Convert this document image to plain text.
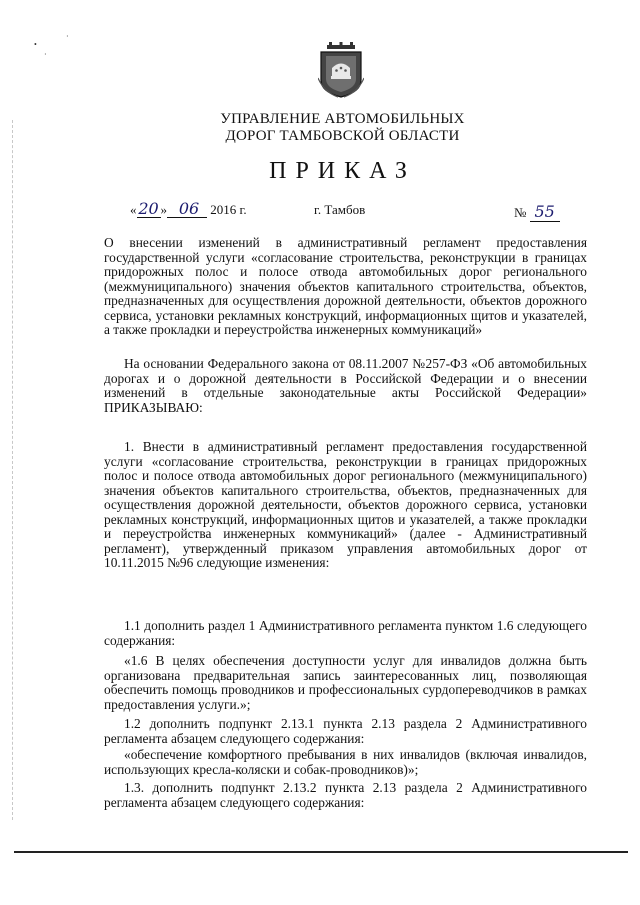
•
·
·
УПРАВЛЕНИЕ АВТОМОБИЛЬНЫХ
ДОРОГ ТАМБОВСКОЙ ОБЛАСТИ
ПРИКАЗ
« 20 » 06 2016 г.	г. Тамбов	№ 55

О внесении изменений в административный регламент предоставления государственной услуги «согласование строительства, реконструкции в границах придорожных полос и полосе отвода автомобильных дорог регионального (межмуниципального) значения объектов капитального строительства, объектов, предназначенных для осуществления дорожной деятельности, объектов дорожного сервиса, установки рекламных конструкций, информационных щитов и указателей, а также прокладки и переустройства инженерных коммуникаций»

На основании Федерального закона от 08.11.2007 №257-ФЗ «Об автомобильных дорогах и о дорожной деятельности в Российской Федерации и о внесении изменений в отдельные законодательные акты Российской Федерации» ПРИКАЗЫВАЮ:

1. Внести в административный регламент предоставления государственной услуги «согласование строительства, реконструкции в границах придорожных полос и полосе отвода автомобильных дорог регионального (межмуниципального) значения объектов капитального строительства, объектов, предназначенных для осуществления дорожной деятельности, объектов дорожного сервиса, установки рекламных конструкций, информационных щитов и указателей, а также прокладки и переустройства инженерных коммуникаций» (далее - Административный регламент), утвержденный приказом управления автомобильных дорог от 10.11.2015 №96 следующие изменения:

1.1 дополнить раздел 1 Административного регламента пунктом 1.6 следующего содержания:

«1.6 В целях обеспечения доступности услуг для инвалидов должна быть организована предварительная запись заинтересованных лиц, позволяющая обеспечить помощь проводников и профессиональных сурдопереводчиков в рамках предоставления услуги.»;

1.2 дополнить подпункт 2.13.1 пункта 2.13 раздела 2 Административного регламента абзацем следующего содержания:

«обеспечение комфортного пребывания в них инвалидов (включая инвалидов, использующих кресла-коляски и собак-проводников)»;

1.3. дополнить подпункт 2.13.2 пункта 2.13 раздела 2 Административного регламента абзацем следующего содержания:
